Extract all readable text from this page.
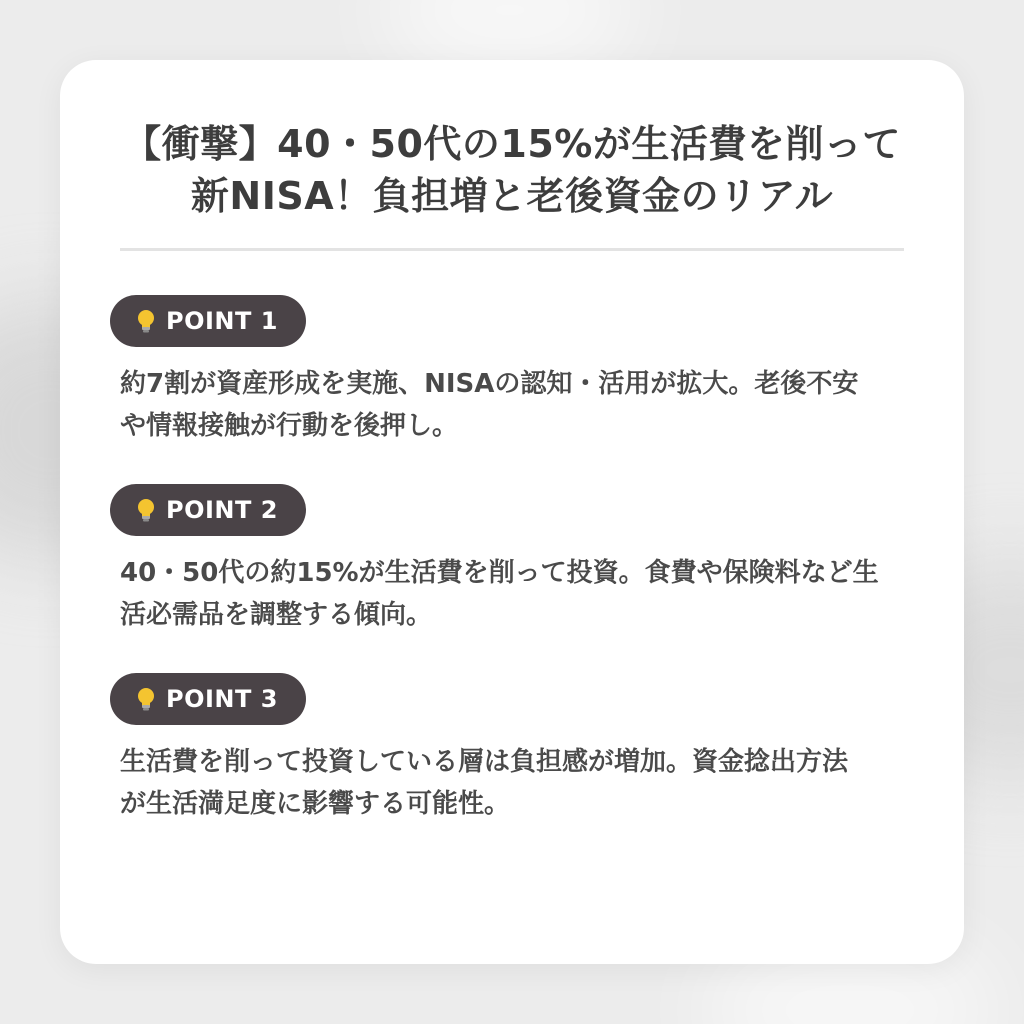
【衝撃】40・50代の15%が生活費を削って
新NISA！負担増と老後資金のリアル
POINT 1
約7割が資産形成を実施、NISAの認知・活用が拡大。老後不安
や情報接触が行動を後押し。
POINT 2
40・50代の約15%が生活費を削って投資。食費や保険料など生
活必需品を調整する傾向。
POINT 3
生活費を削って投資している層は負担感が増加。資金捻出方法
が生活満足度に影響する可能性。
